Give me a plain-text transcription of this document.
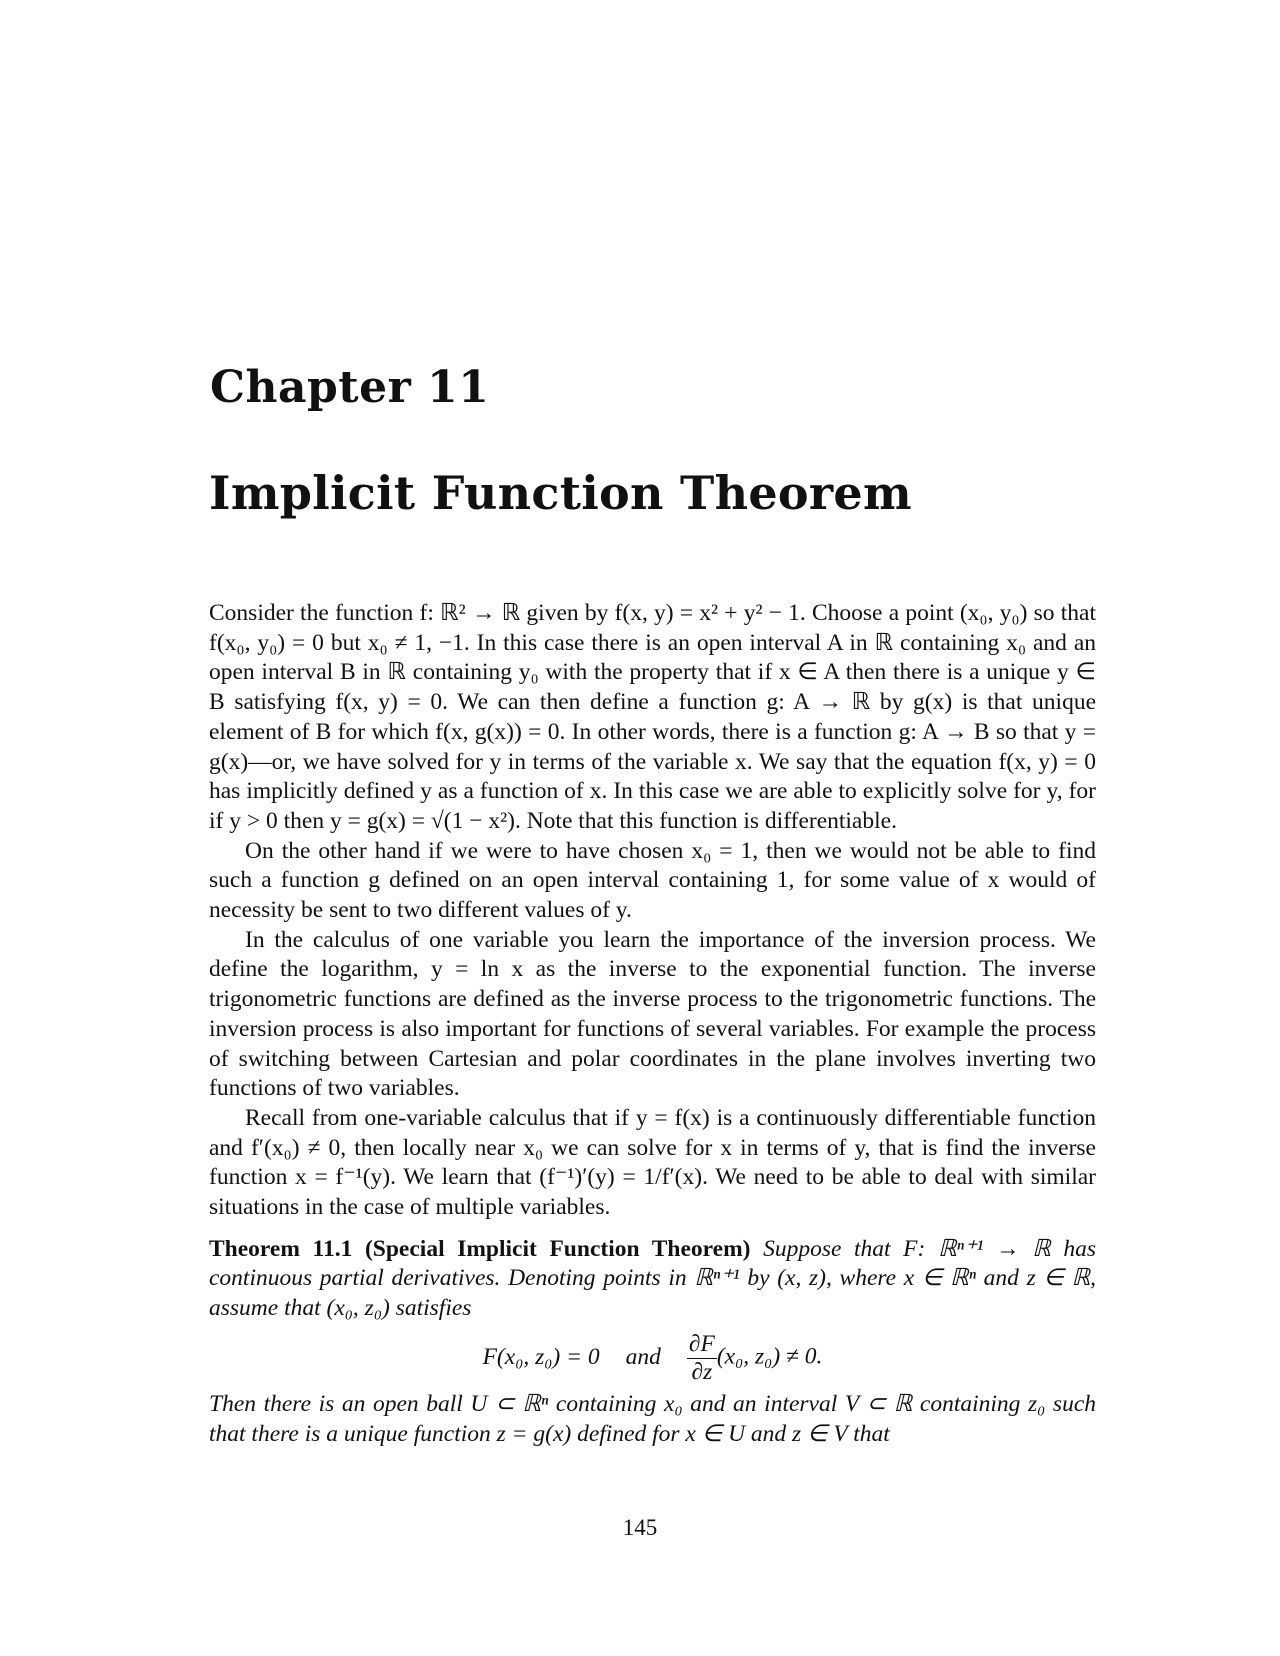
Chapter 11
Implicit Function Theorem

Consider the function f: ℝ² → ℝ given by f(x, y) = x² + y² − 1. Choose a point (x₀, y₀) so that f(x₀, y₀) = 0 but x₀ ≠ 1, −1. In this case there is an open interval A in ℝ containing x₀ and an open interval B in ℝ containing y₀ with the property that if x ∈ A then there is a unique y ∈ B satisfying f(x, y) = 0. We can then define a function g: A → ℝ by g(x) is that unique element of B for which f(x, g(x)) = 0. In other words, there is a function g: A → B so that y = g(x)—or, we have solved for y in terms of the variable x. We say that the equation f(x, y) = 0 has implicitly defined y as a function of x. In this case we are able to explicitly solve for y, for if y > 0 then y = g(x) = √(1 − x²). Note that this function is differentiable.

On the other hand if we were to have chosen x₀ = 1, then we would not be able to find such a function g defined on an open interval containing 1, for some value of x would of necessity be sent to two different values of y.

In the calculus of one variable you learn the importance of the inversion process. We define the logarithm, y = ln x as the inverse to the exponential function. The inverse trigonometric functions are defined as the inverse process to the trigonometric functions. The inversion process is also important for functions of several variables. For example the process of switching between Cartesian and polar coordinates in the plane involves inverting two functions of two variables.

Recall from one-variable calculus that if y = f(x) is a continuously differentiable function and f′(x₀) ≠ 0, then locally near x₀ we can solve for x in terms of y, that is find the inverse function x = f⁻¹(y). We learn that (f⁻¹)′(y) = 1/f′(x). We need to be able to deal with similar situations in the case of multiple variables.

Theorem 11.1 (Special Implicit Function Theorem) Suppose that F: ℝⁿ⁺¹ → ℝ has continuous partial derivatives. Denoting points in ℝⁿ⁺¹ by (x, z), where x ∈ ℝⁿ and z ∈ ℝ, assume that (x₀, z₀) satisfies

F(x₀, z₀) = 0 and $\frac{\partial F}{\partial z} (x_0$, z₀) ≠ 0.

Then there is an open ball U ⊂ ℝⁿ containing x₀ and an interval V ⊂ ℝ containing z₀ such that there is a unique function z = g(x) defined for x ∈ U and z ∈ V that

145
